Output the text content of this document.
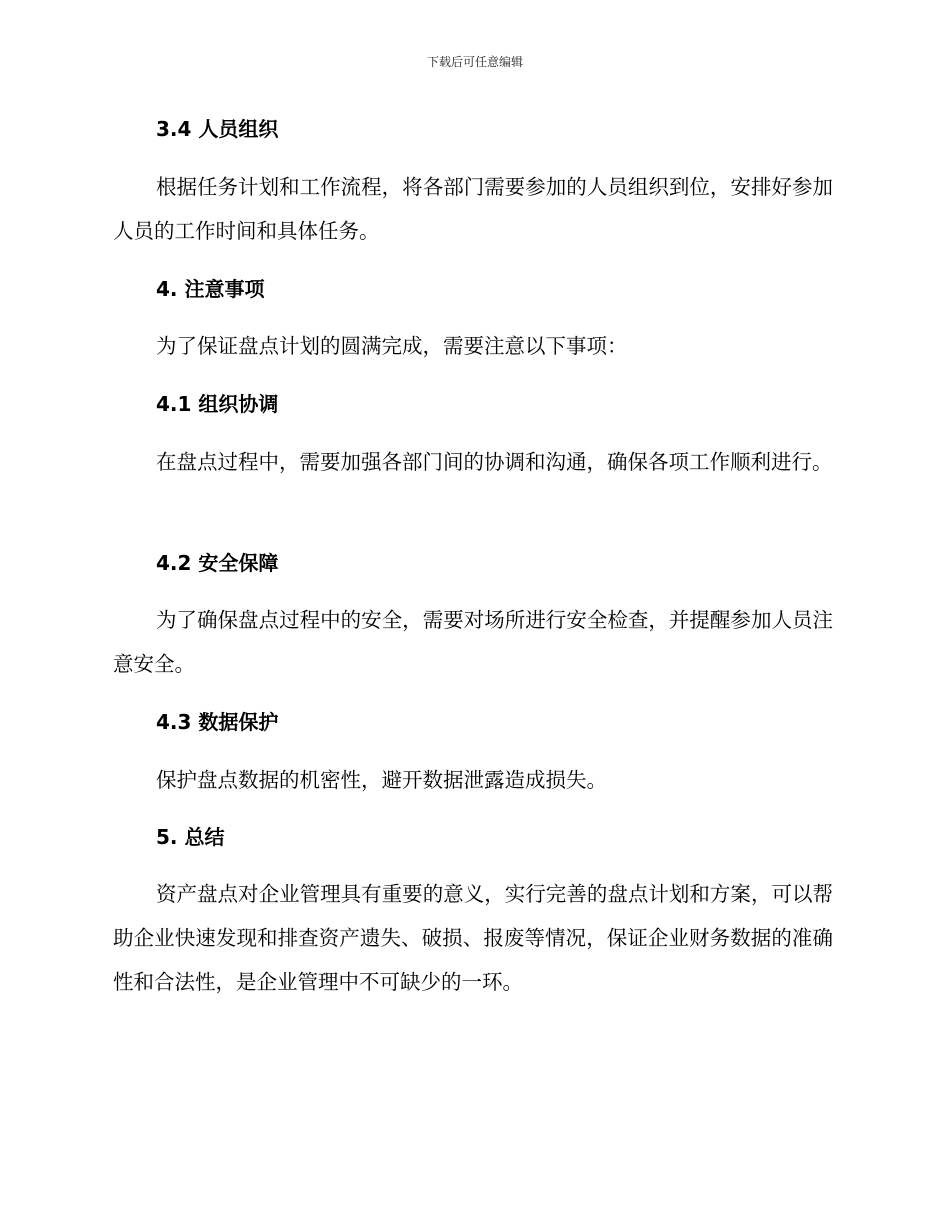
下载后可任意编辑
3.4 人员组织

根据任务计划和工作流程，将各部门需要参加的人员组织到位，安排好参加人员的工作时间和具体任务。

4. 注意事项

为了保证盘点计划的圆满完成，需要注意以下事项：

4.1 组织协调

在盘点过程中，需要加强各部门间的协调和沟通，确保各项工作顺利进行。

4.2 安全保障

为了确保盘点过程中的安全，需要对场所进行安全检查，并提醒参加人员注意安全。

4.3 数据保护

保护盘点数据的机密性，避开数据泄露造成损失。

5. 总结

资产盘点对企业管理具有重要的意义，实行完善的盘点计划和方案，可以帮助企业快速发现和排查资产遗失、破损、报废等情况，保证企业财务数据的准确性和合法性，是企业管理中不可缺少的一环。
